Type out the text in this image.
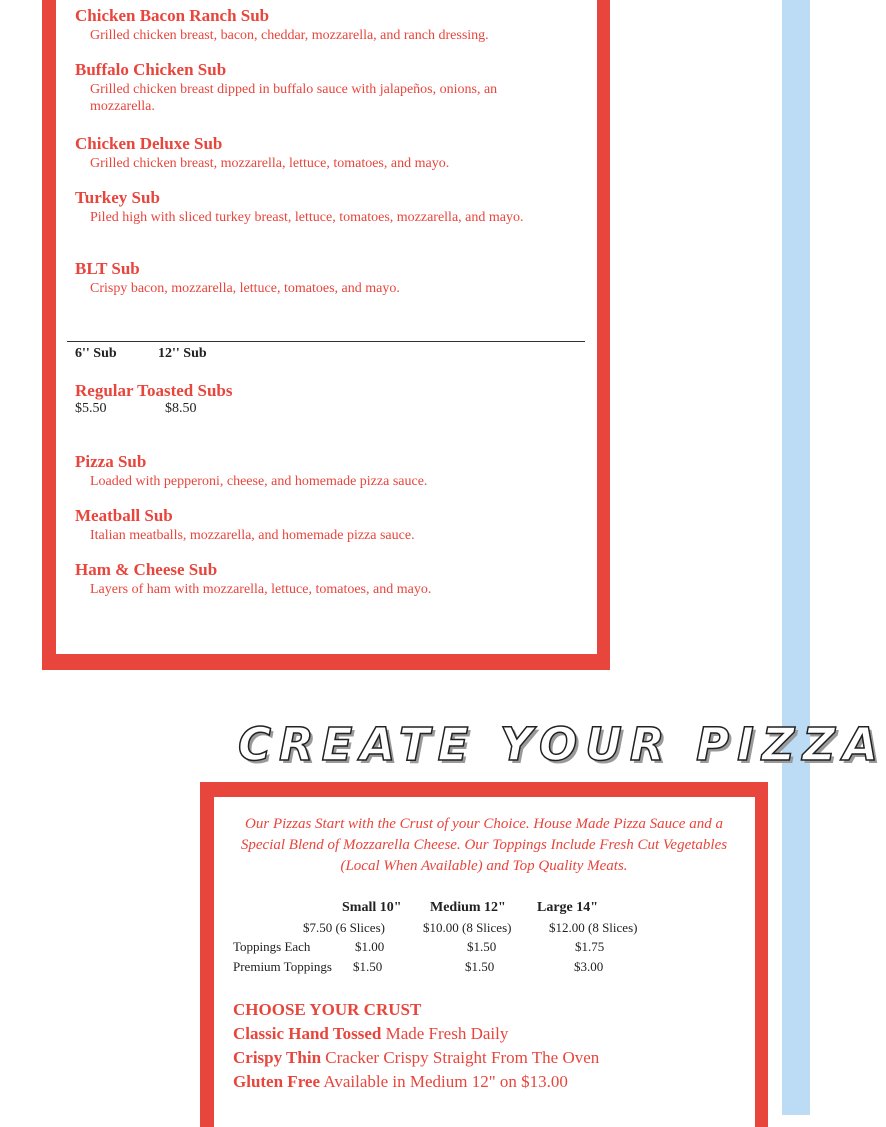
Chicken Bacon Ranch Sub
Grilled chicken breast, bacon, cheddar, mozzarella, and ranch dressing.
Buffalo Chicken Sub
Grilled chicken breast dipped in buffalo sauce with jalapeños, onions, an mozzarella.
Chicken Deluxe Sub
Grilled chicken breast, mozzarella, lettuce, tomatoes, and mayo.
Turkey Sub
Piled high with sliced turkey breast, lettuce, tomatoes, mozzarella, and mayo.
BLT Sub
Crispy bacon, mozzarella, lettuce, tomatoes, and mayo.
6'' Sub	12'' Sub
Regular Toasted Subs
$5.50	$8.50
Pizza Sub
Loaded with pepperoni, cheese, and homemade pizza sauce.
Meatball Sub
Italian meatballs, mozzarella, and homemade pizza sauce.
Ham & Cheese Sub
Layers of ham with mozzarella, lettuce, tomatoes, and mayo.
CREATE YOUR PIZZA
Our Pizzas Start with the Crust of your Choice. House Made Pizza Sauce and a Special Blend of Mozzarella Cheese. Our Toppings Include Fresh Cut Vegetables (Local When Available) and Top Quality Meats.
Small 10" Medium 12" Large 14"
$7.50 (6 Slices)	$10.00 (8 Slices)	$12.00 (8 Slices)
Toppings Each	$1.00	$1.50	$1.75
Premium Toppings $1.50	$1.50	$3.00
CHOOSE YOUR CRUST
Classic Hand Tossed Made Fresh Daily
Crispy Thin Cracker Crispy Straight From The Oven
Gluten Free Available in Medium 12" on $13.00
